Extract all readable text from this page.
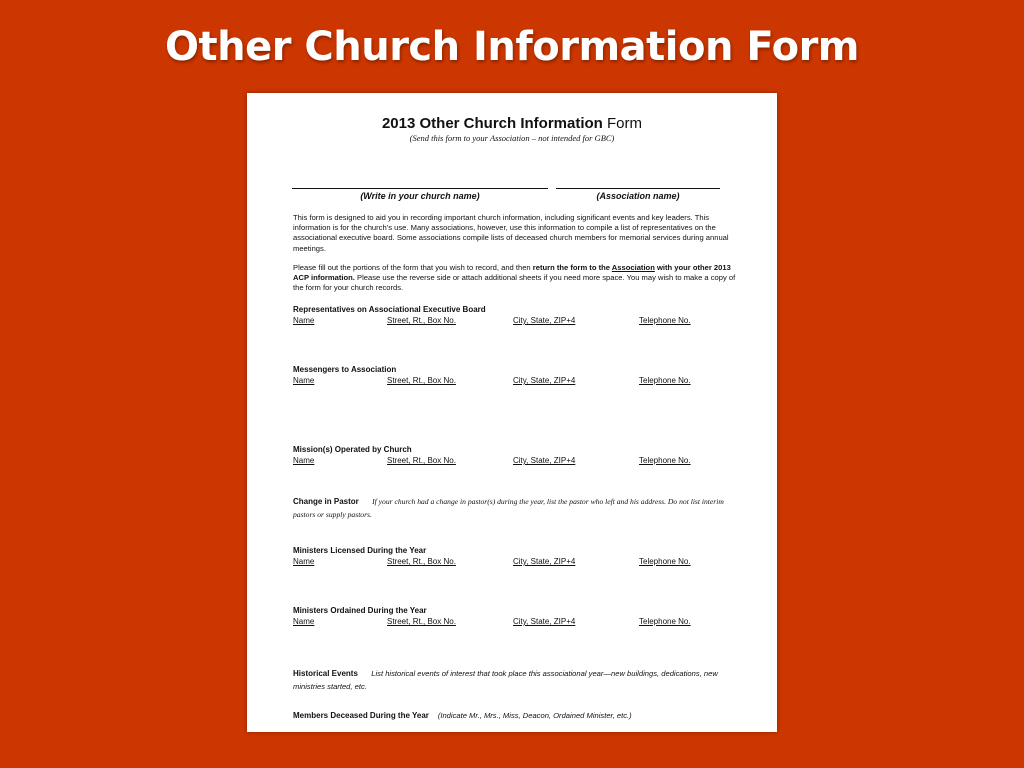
Other Church Information Form
2013 Other Church Information Form
(Send this form to your Association – not intended for GBC)
(Write in your church name)	(Association name)
This form is designed to aid you in recording important church information, including significant events and key leaders. This information is for the church’s use. Many associations, however, use this information to compile a list of representatives on the associational executive board. Some associations compile lists of deceased church members for memorial services during annual meetings.
Please fill out the portions of the form that you wish to record, and then return the form to the Association with your other 2013 ACP information. Please use the reverse side or attach additional sheets if you need more space. You may wish to make a copy of the form for your church records.
Representatives on Associational Executive Board
Name	Street, Rt., Box No.	City, State, ZIP+4	Telephone No.
Messengers to Association
Name	Street, Rt., Box No.	City, State, ZIP+4	Telephone No.
Mission(s) Operated by Church
Name	Street, Rt., Box No.	City, State, ZIP+4	Telephone No.
Change in Pastor If your church had a change in pastor(s) during the year, list the pastor who left and his address. Do not list interim pastors or supply pastors.
Ministers Licensed During the Year
Name	Street, Rt., Box No.	City, State, ZIP+4	Telephone No.
Ministers Ordained During the Year
Name	Street, Rt., Box No.	City, State, ZIP+4	Telephone No.
Historical Events List historical events of interest that took place this associational year—new buildings, dedications, new ministries started, etc.
Members Deceased During the Year (Indicate Mr., Mrs., Miss, Deacon, Ordained Minister, etc.)
